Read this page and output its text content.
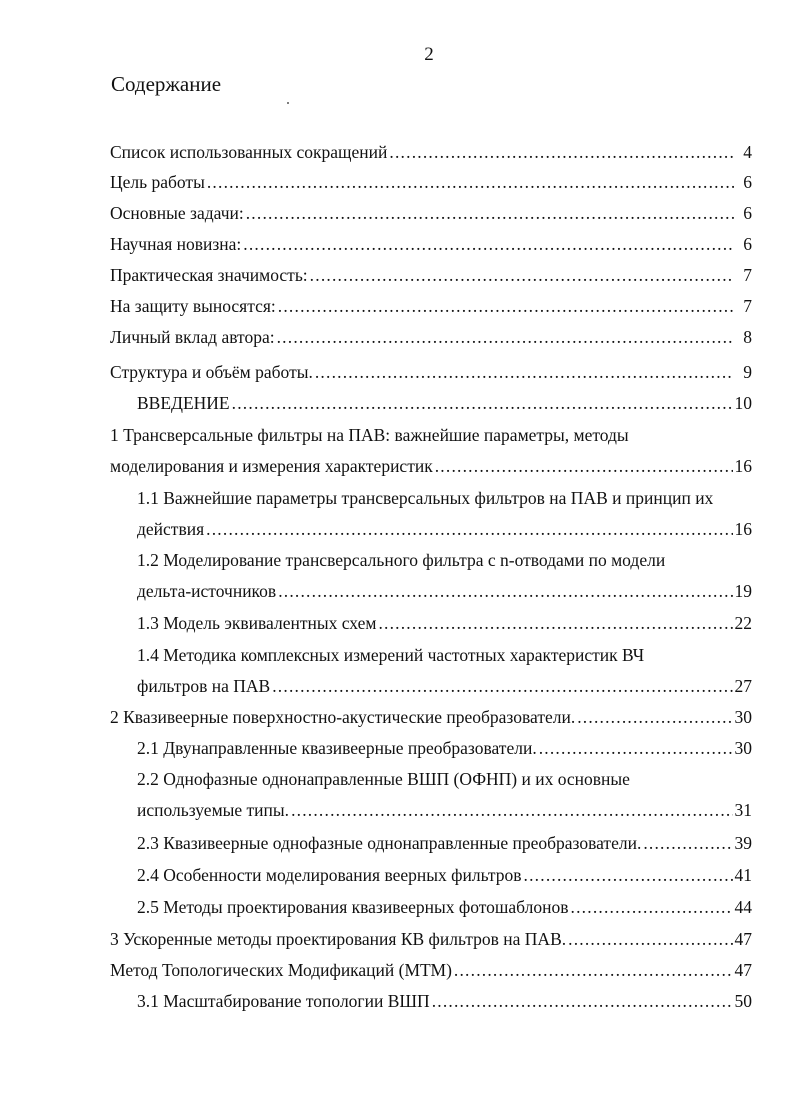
2
Содержание
Список использованных сокращений .....	4
Цель работы .....	6
Основные задачи: .....	6
Научная новизна: .....	6
Практическая значимость: .....	7
На защиту выносятся: .....	7
Личный вклад автора: .....	8
Структура и объём работы. .....	9
ВВЕДЕНИЕ .....	10
1 Трансверсальные фильтры на ПАВ: важнейшие параметры, методы
моделирования и измерения характеристик .....	16
1.1 Важнейшие параметры трансверсальных фильтров на ПАВ и принцип их
действия .....	16
1.2 Моделирование трансверсального фильтра с n-отводами по модели
дельта-источников .....	19
1.3 Модель эквивалентных схем .....	22
1.4 Методика комплексных измерений частотных характеристик ВЧ
фильтров на ПАВ .....	27
2 Квазивеерные поверхностно-акустические преобразователи. .....	30
2.1 Двунаправленные квазивеерные преобразователи. .....	30
2.2 Однофазные однонаправленные ВШП (ОФНП) и их основные
используемые типы. .....	31
2.3 Квазивеерные однофазные однонаправленные преобразователи. .....	39
2.4 Особенности моделирования веерных фильтров .....	41
2.5 Методы проектирования квазивеерных фотошаблонов .....	44
3 Ускоренные методы проектирования КВ фильтров на ПАВ. .....	47
Метод Топологических Модификаций (МТМ) .....	47
3.1 Масштабирование топологии ВШП .....	50
